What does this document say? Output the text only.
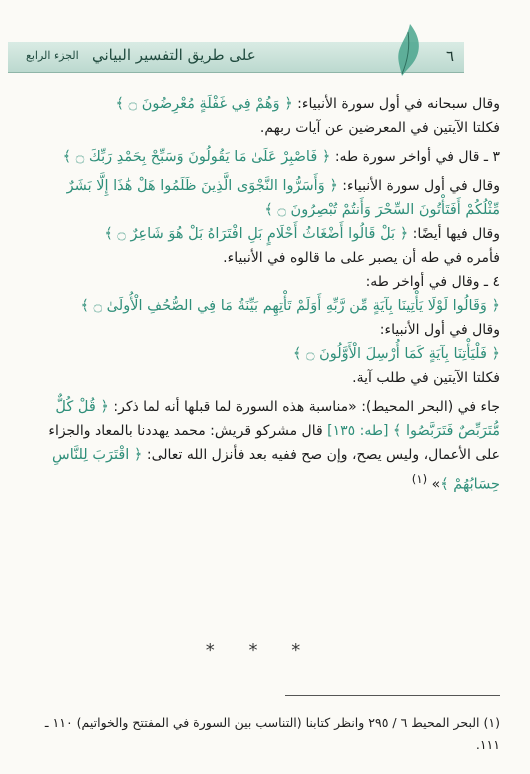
الجزء الرابع على طريق التفسير البياني	٦

وقال سبحانه في أول سورة الأنبياء: ﴿ وَهُمْ فِي غَفْلَةٍ مُعْرِضُونَ ۝ ﴾

فكلتا الآيتين في المعرضين عن آيات ربهم.

٣ ـ قال في أواخر سورة طه: ﴿ فَاصْبِرْ عَلَىٰ مَا يَقُولُونَ وَسَبِّحْ بِحَمْدِ رَبِّكَ ۝ ﴾

وقال في أول سورة الأنبياء: ﴿ وَأَسَرُّوا النَّجْوَى الَّذِينَ ظَلَمُوا هَلْ هَٰذَا إِلَّا بَشَرٌ مِّثْلُكُمْ أَفَتَأْتُونَ السِّحْرَ وَأَنتُمْ تُبْصِرُونَ ۝ ﴾

وقال فيها أيضًا: ﴿ بَلْ قَالُوا أَضْغَاثُ أَحْلَامٍ بَلِ افْتَرَاهُ بَلْ هُوَ شَاعِرٌ ۝ ﴾

فأمره في طه أن يصبر على ما قالوه في الأنبياء.

٤ ـ وقال في أواخر طه:

﴿ وَقَالُوا لَوْلَا يَأْتِينَا بِآيَةٍ مِّن رَّبِّهِ أَوَلَمْ تَأْتِهِم بَيِّنَةُ مَا فِي الصُّحُفِ الْأُولَىٰ ۝ ﴾

وقال في أول الأنبياء:

﴿ فَلْيَأْتِنَا بِآيَةٍ كَمَا أُرْسِلَ الْأَوَّلُونَ ۝ ﴾

فكلتا الآيتين في طلب آية.

جاء في (البحر المحيط): «مناسبة هذه السورة لما قبلها أنه لما ذكر: ﴿ قُلْ كُلٌّ مُّتَرَبِّصٌ فَتَرَبَّصُوا ﴾ [طه: ١٣٥] قال مشركو قريش: محمد يهددنا بالمعاد والجزاء على الأعمال، وليس يصح، وإن صح ففيه بعد فأنزل الله تعالى: ﴿ اقْتَرَبَ لِلنَّاسِ حِسَابُهُمْ ﴾» $^{(١)}$

* * *
(١) البحر المحيط ٦ / ٢٩٥ وانظر كتابنا (التناسب بين السورة في المفتتح والخواتيم) ١١٠ ـ ١١١.
